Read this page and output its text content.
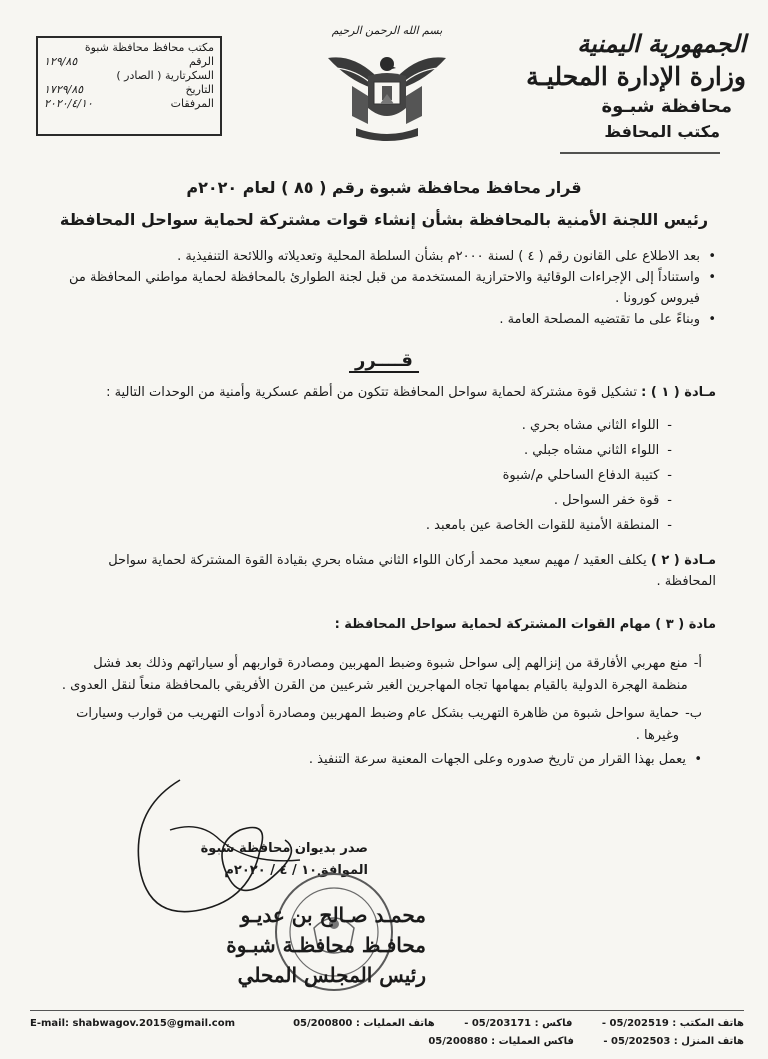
الجمهورية اليمنية
وزارة الإدارة المحليـة
محافظة شبـوة
مكتب المحافظ
بسم الله الرحمن الرحيم
مكتب محافظ محافظة شبوة
الرقم
١٢٩/٨٥
السكرتارية ( الصادر )
التاريخ
١٧٢٩/٨٥
المرفقات
٢٠٢٠/٤/١٠
قرار محافظ محافظة شبوة رقم ( ٨٥ ) لعام ٢٠٢٠م
رئيس اللجنة الأمنية بالمحافظة بشأن إنشاء قوات مشتركة لحماية سواحل المحافظة
•
بعد الاطلاع على القانون رقم ( ٤ ) لسنة ٢٠٠٠م بشأن السلطة المحلية وتعديلاته واللائحة التنفيذية .
•
واستناداً إلى الإجراءات الوقائية والاحترازية المستخدمة من قبل لجنة الطوارئ بالمحافظة لحماية مواطني المحافظة من فيروس كورونا .
•
وبناءً على ما تقتضيه المصلحة العامة .
قــــرر
مـادة ( ١ ) : تشكيل قوة مشتركة لحماية سواحل المحافظة تتكون من أطقم عسكرية وأمنية من الوحدات التالية :
-
اللواء الثاني مشاه بحري .
-
اللواء الثاني مشاه جبلي .
-
كتيبة الدفاع الساحلي م/شبوة
-
قوة خفر السواحل .
-
المنطقة الأمنية للقوات الخاصة عين بامعبد .
مـادة ( ٢ ) يكلف العقيد / مهيم سعيد محمد أركان اللواء الثاني مشاه بحري بقيادة القوة المشتركة لحماية سواحل المحافظة .
مادة ( ٣ ) مهام القوات المشتركة لحماية سواحل المحافظة :
أ-
منع مهربي الأفارقة من إنزالهم إلى سواحل شبوة وضبط المهربين ومصادرة قواربهم أو سياراتهم وذلك بعد فشل منظمة الهجرة الدولية بالقيام بمهامها تجاه المهاجرين الغير شرعيين من القرن الأفريقي بالمحافظة منعاً لنقل العدوى .
ب-
حماية سواحل شبوة من ظاهرة التهريب بشكل عام وضبط المهربين ومصادرة أدوات التهريب من قوارب وسيارات وغيرها .
•
يعمل بهذا القرار من تاريخ صدوره وعلى الجهات المعنية سرعة التنفيذ .
صدر بديوان محافظة شبوة
الموافق١٠ / ٤ / ٢٠٢٠م
محمـد صـالح بن عديـو
محافـظ محافظـة شبـوة
رئيس المجلس المحلي
E-mail: shabwagov.2015@gmail.com	هاتف المكتب : 05/202519 - فاكس : 05/203171 - هاتف العمليات : 05/200800
هاتف المنزل : 05/202503 - فاكس العمليات : 05/200880
